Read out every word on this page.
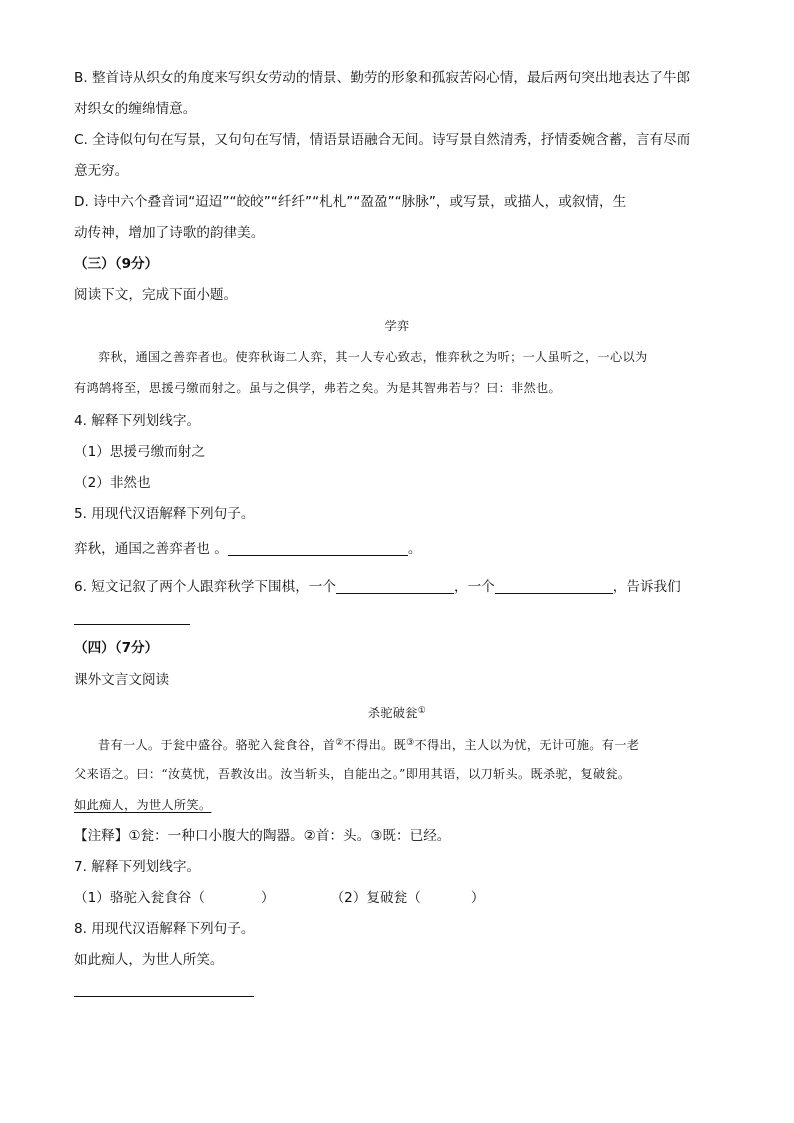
B. 整首诗从织女的角度来写织女劳动的情景、勤劳的形象和孤寂苦闷心情，最后两句突出地表达了牛郎
对织女的缠绵情意。
C. 全诗似句句在写景，又句句在写情，情语景语融合无间。诗写景自然清秀，抒情委婉含蓄，言有尽而
意无穷。
D. 诗中六个叠音词“迢迢”“皎皎”“纤纤”“札札”“盈盈”“脉脉”，或写景，或描人，或叙情，生
动传神，增加了诗歌的韵律美。
（三）（9分）
阅读下文，完成下面小题。
学弈
弈秋，通国之善弈者也。使弈秋诲二人弈，其一人专心致志，惟弈秋之为听；一人虽听之，一心以为
有鸿鹄将至，思援弓缴而射之。虽与之俱学，弗若之矣。为是其智弗若与？曰：非然也。
4. 解释下列划线字。
（1）思援弓缴而射之
（2）非然也
5. 用现代汉语解释下列句子。
弈秋，通国之善弈者也 。	。
6. 短文记叙了两个人跟弈秋学下围棋，一个	，一个	，告诉我们
（四）（7分）
课外文言文阅读
杀驼破瓮①
昔有一人。于瓮中盛谷。骆驼入瓮食谷，首②不得出。既③不得出，主人以为忧，无计可施。有一老
父来语之。曰：“汝莫忧，吾教汝出。汝当斩头，自能出之。”即用其语，以刀斩头。既杀驼，复破瓮。
如此痴人，为世人所笑。
【注释】①瓮：一种口小腹大的陶器。②首：头。③既：已经。
7. 解释下列划线字。
（1）骆驼入瓮食谷（	）	（2）复破瓮（	）
8. 用现代汉语解释下列句子。
如此痴人，为世人所笑。
